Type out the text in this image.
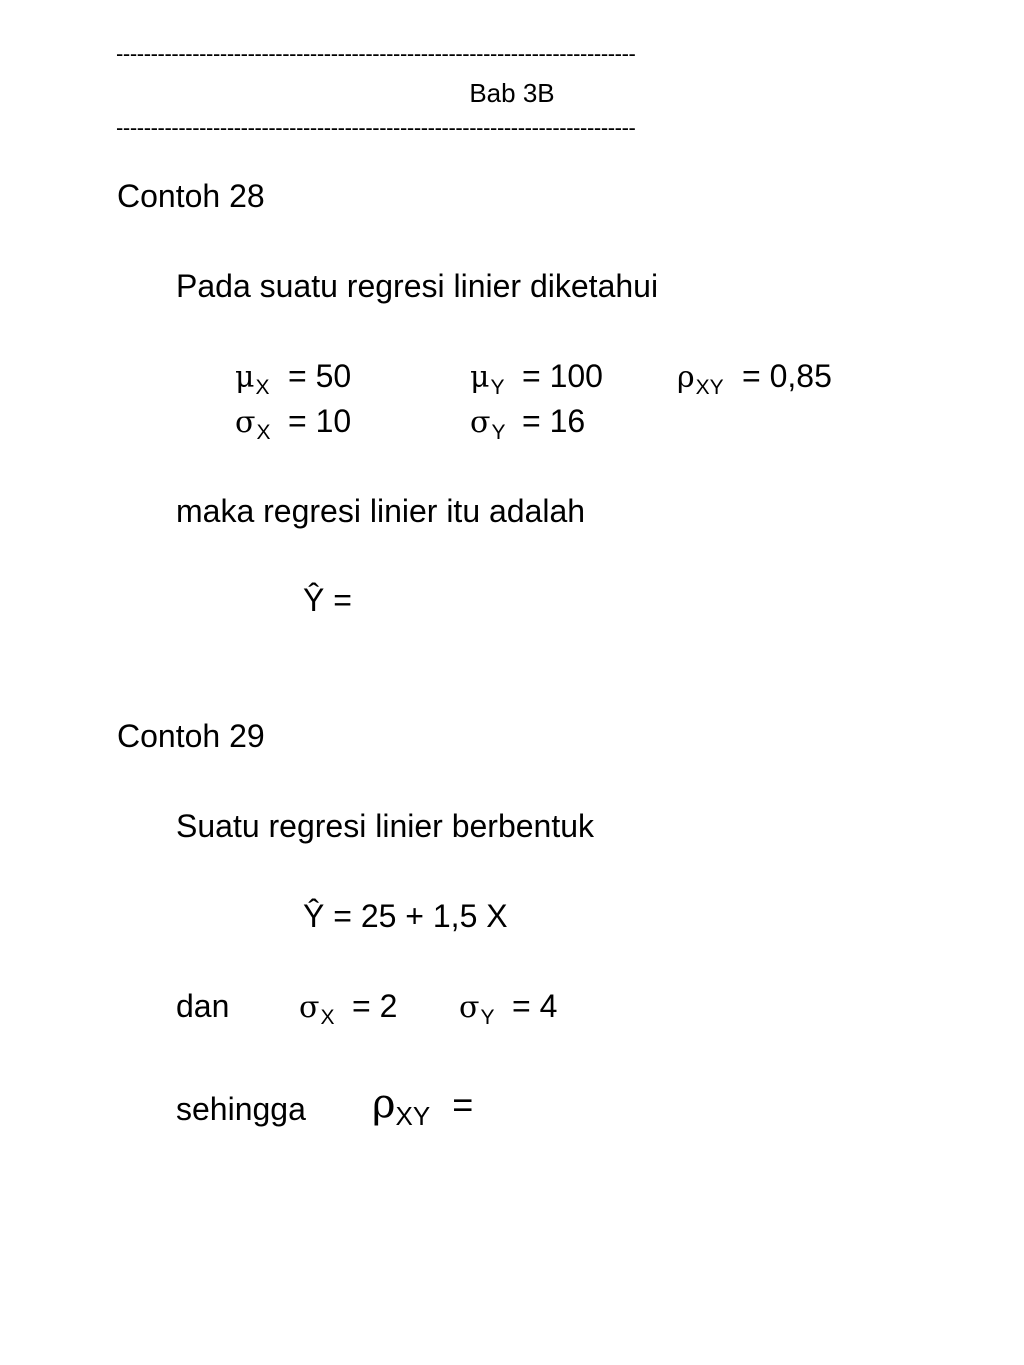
---------------------------------------------------------------------------
Bab 3B
---------------------------------------------------------------------------
Contoh 28
Pada suatu regresi linier diketahui
$\mu_X = 50$	$\mu_Y = 100$ $\rho_{XY} = 0,85$
$\sigma_X = 10$	$\sigma_Y = 16$
maka regresi linier itu adalah
Ŷ =
Contoh 29
Suatu regresi linier berbentuk
Ŷ = 25 + 1,5 X
dan $\sigma_X = 2$ $\sigma_Y = 4$
sehingga $\rho_{XY}$ =
